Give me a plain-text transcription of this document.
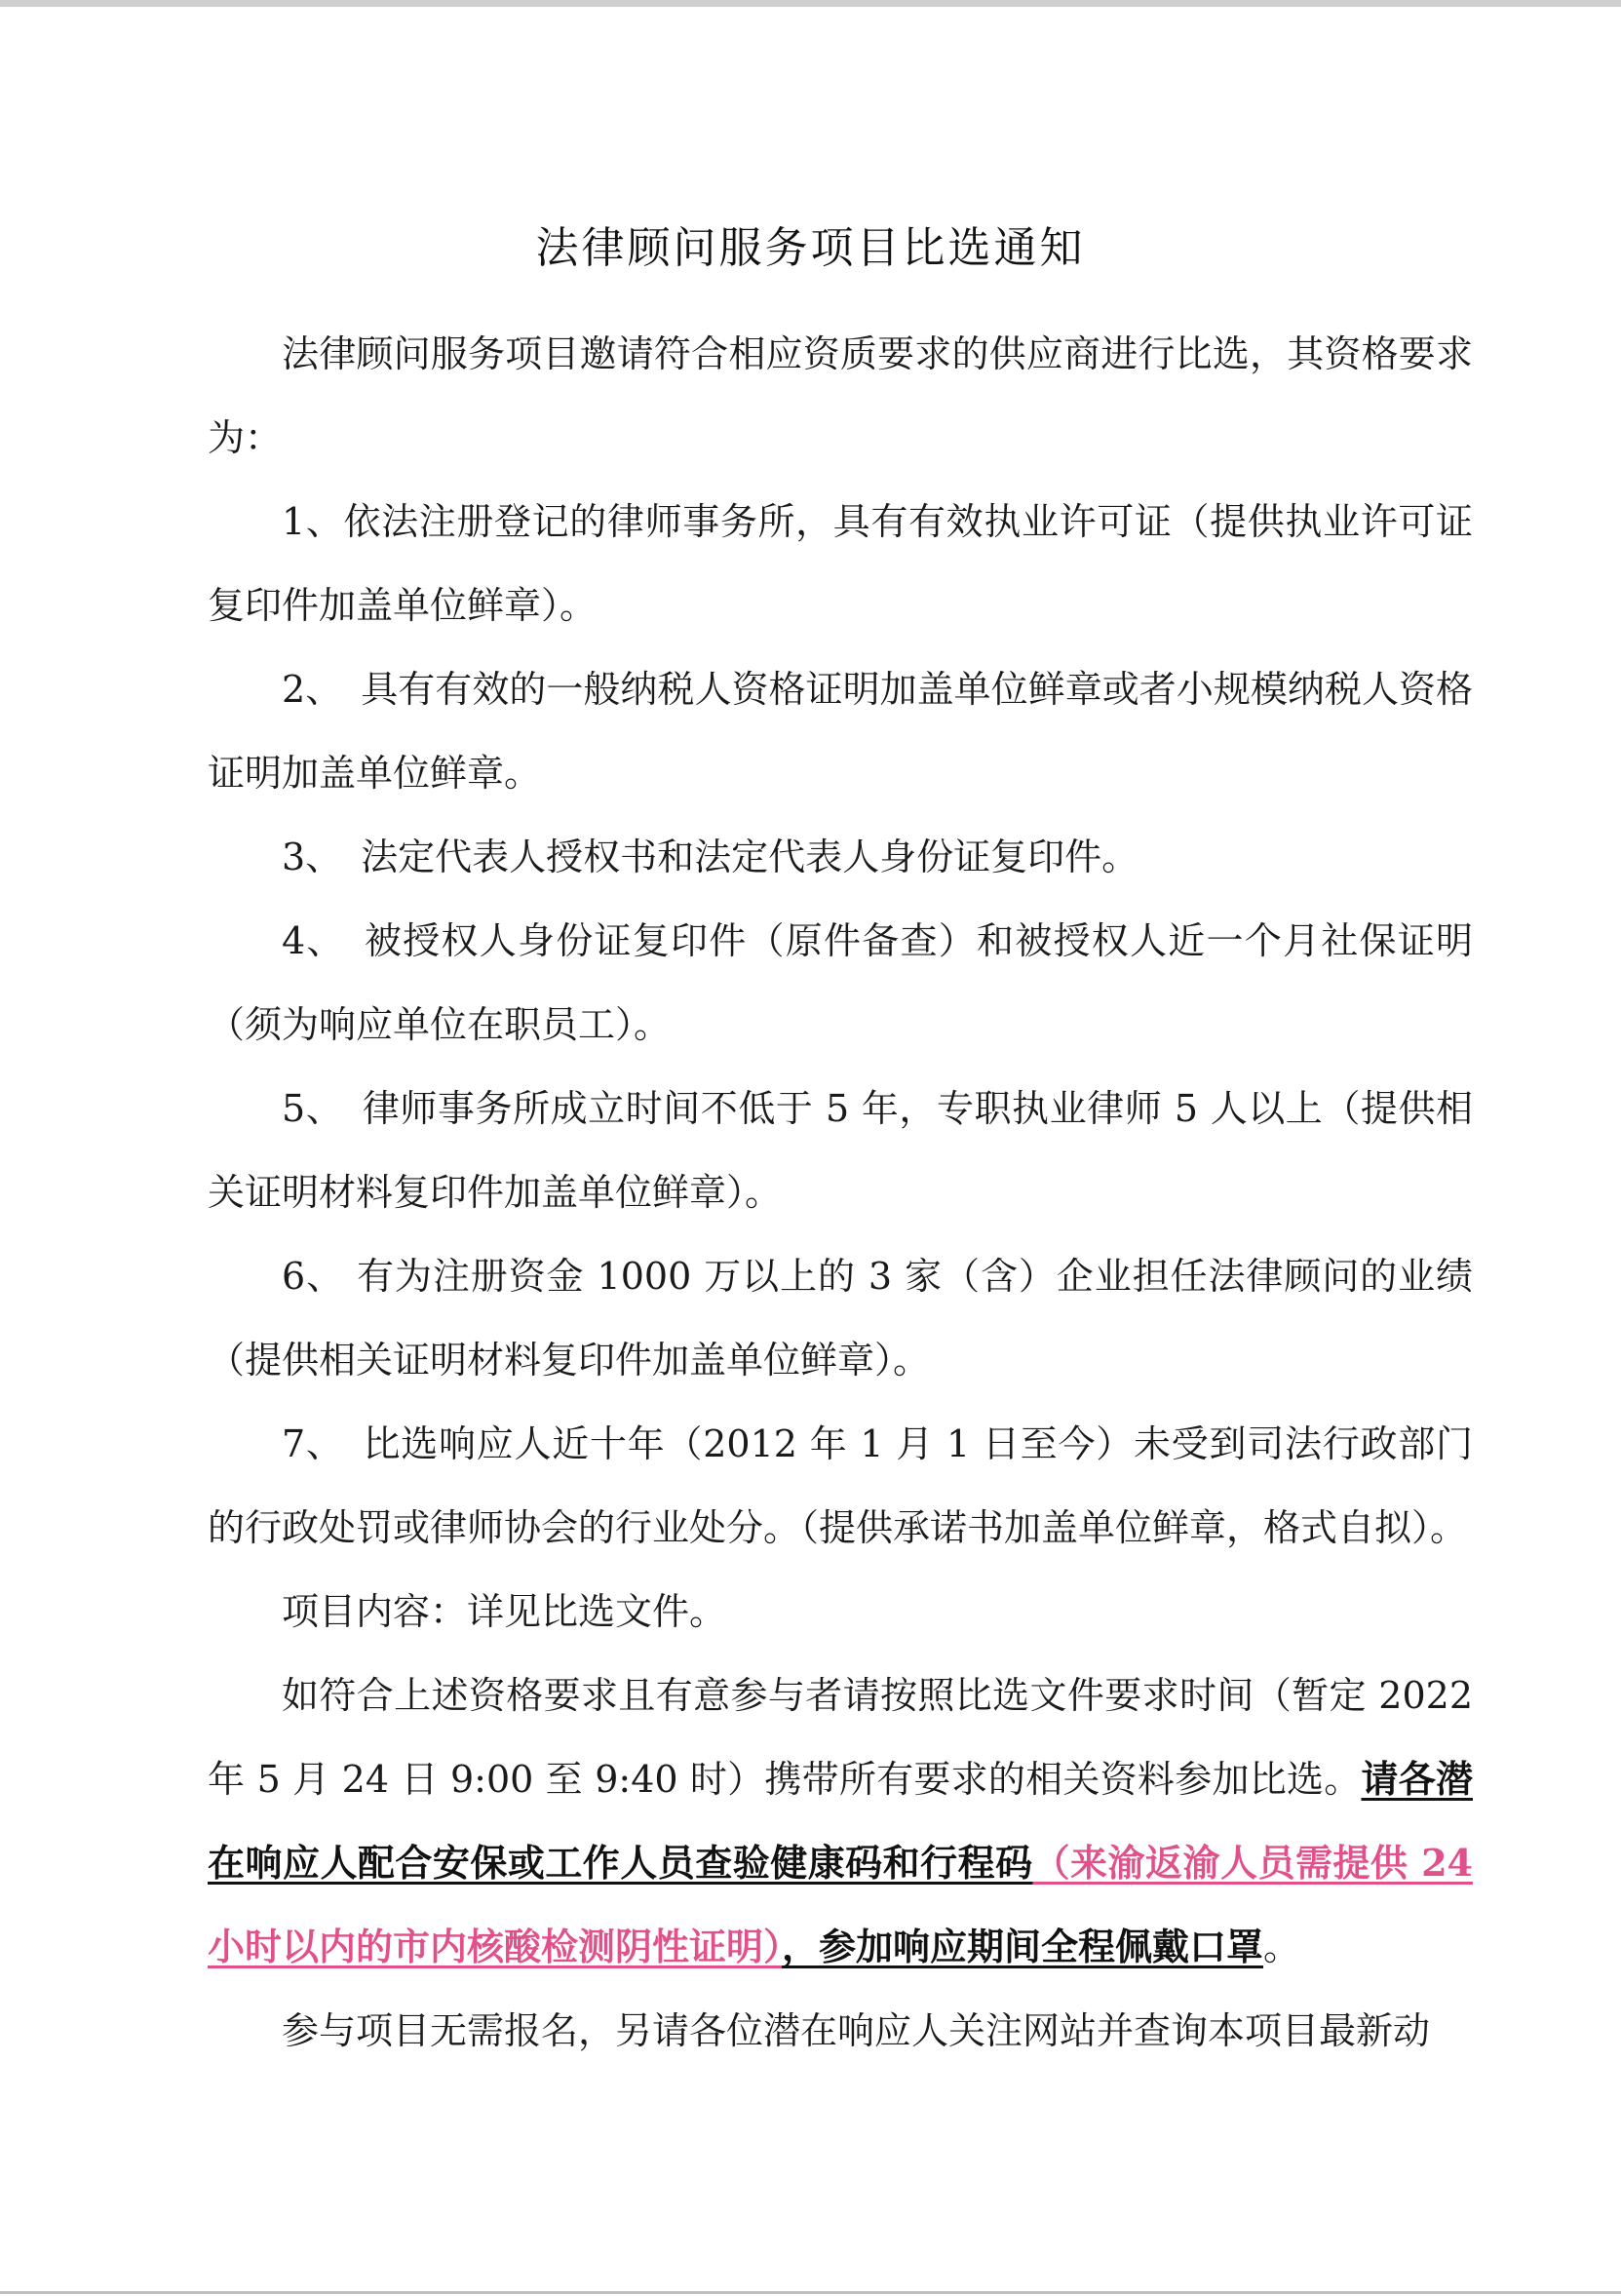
法律顾问服务项目比选通知

法律顾问服务项目邀请符合相应资质要求的供应商进行比选，其资格要求为：

1、依法注册登记的律师事务所，具有有效执业许可证（提供执业许可证复印件加盖单位鲜章）。

2、　具有有效的一般纳税人资格证明加盖单位鲜章或者小规模纳税人资格证明加盖单位鲜章。

3、　法定代表人授权书和法定代表人身份证复印件。

4、　被授权人身份证复印件（原件备查）和被授权人近一个月社保证明（须为响应单位在职员工）。

5、　律师事务所成立时间不低于 5 年，专职执业律师 5 人以上（提供相关证明材料复印件加盖单位鲜章）。

6、 有为注册资金 1000 万以上的 3 家（含）企业担任法律顾问的业绩（提供相关证明材料复印件加盖单位鲜章）。

7、　比选响应人近十年（2012 年 1 月 1 日至今）未受到司法行政部门的行政处罚或律师协会的行业处分。（提供承诺书加盖单位鲜章，格式自拟）。

项目内容：详见比选文件。

如符合上述资格要求且有意参与者请按照比选文件要求时间（暂定 2022 年 5 月 24 日 9:00 至 9:40 时）携带所有要求的相关资料参加比选。请各潜在响应人配合安保或工作人员查验健康码和行程码（来渝返渝人员需提供 24 小时以内的市内核酸检测阴性证明），参加响应期间全程佩戴口罩。

参与项目无需报名，另请各位潜在响应人关注网站并查询本项目最新动
